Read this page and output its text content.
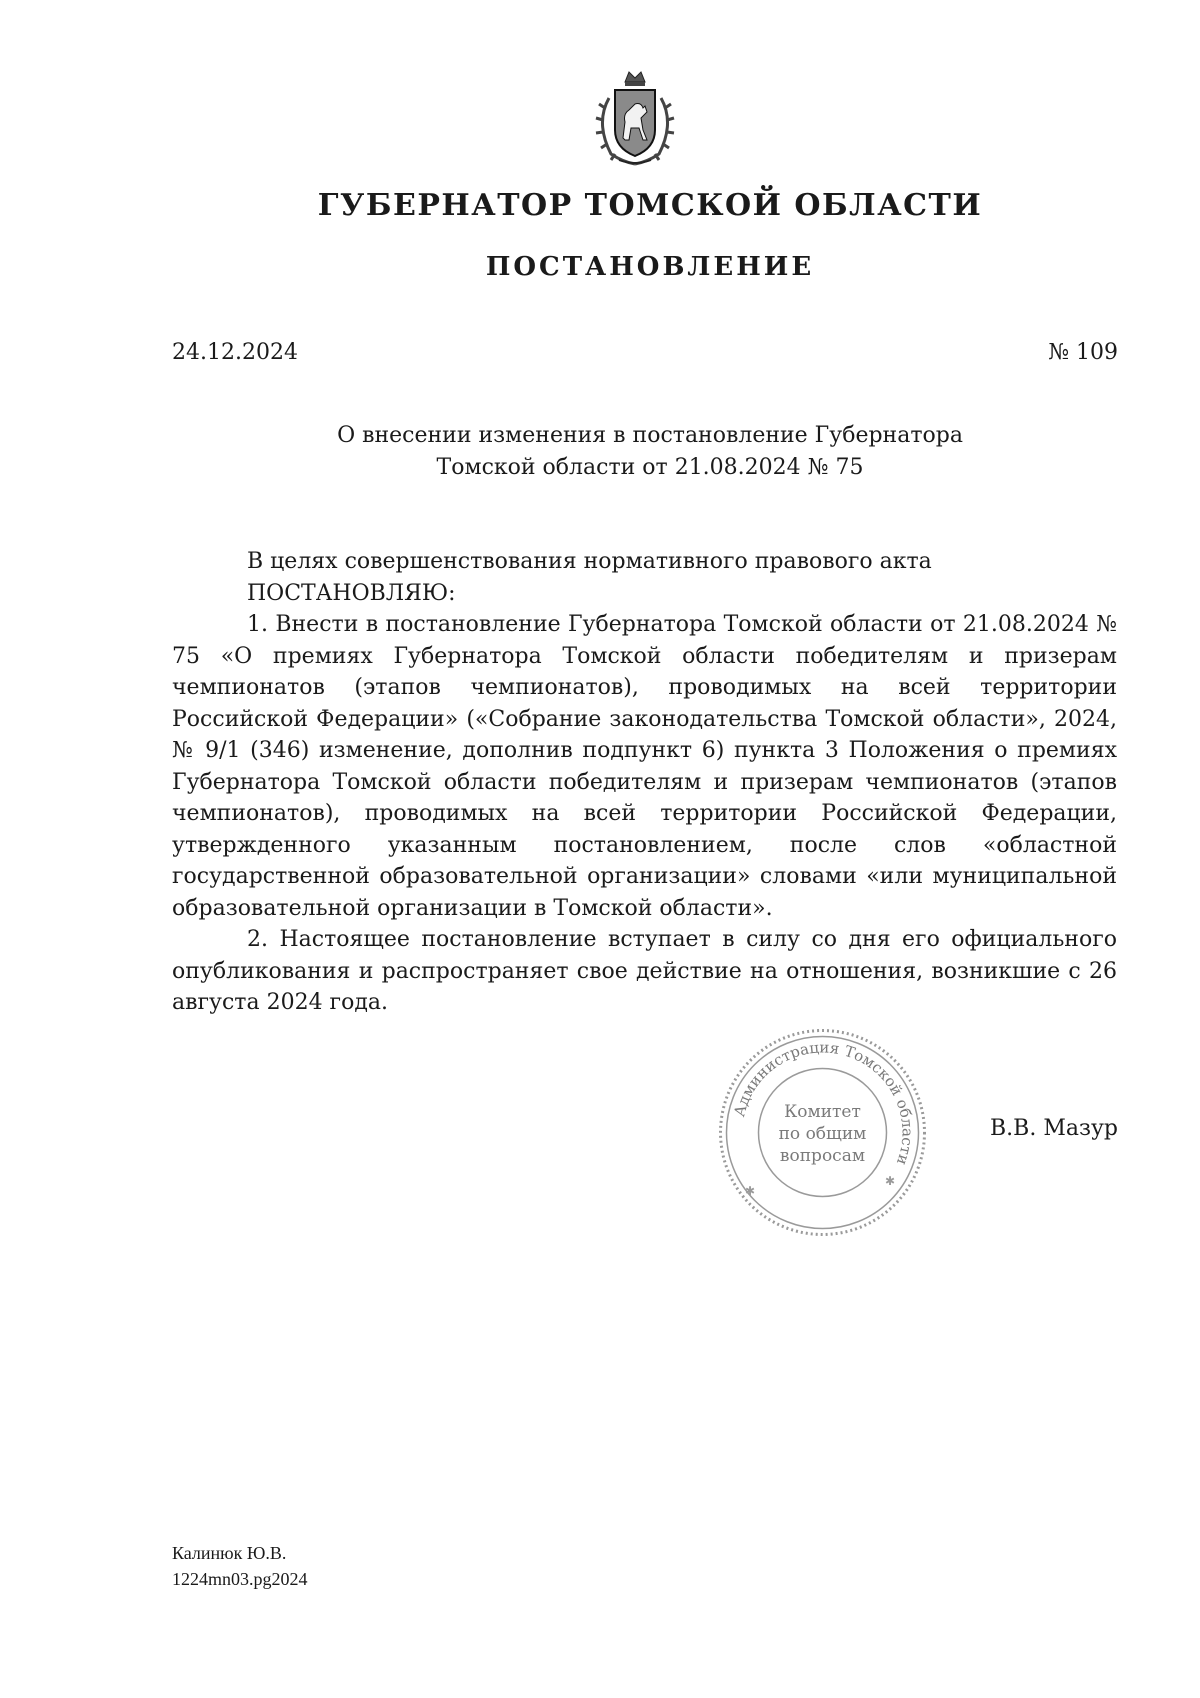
ГУБЕРНАТОР ТОМСКОЙ ОБЛАСТИ
ПОСТАНОВЛЕНИЕ
24.12.2024	№ 109
О внесении изменения в постановление Губернатора
Томской области от 21.08.2024 № 75

В целях совершенствования нормативного правового акта

ПОСТАНОВЛЯЮ:

1. Внести в постановление Губернатора Томской области от 21.08.2024 № 75 «О премиях Губернатора Томской области победителям и призерам чемпионатов (этапов чемпионатов), проводимых на всей территории Российской Федерации» («Собрание законодательства Томской области», 2024, № 9/1 (346) изменение, дополнив подпункт 6) пункта 3 Положения о премиях Губернатора Томской области победителям и призерам чемпионатов (этапов чемпионатов), проводимых на всей территории Российской Федерации, утвержденного указанным постановлением, после слов «областной государственной образовательной организации» словами «или муниципальной образовательной организации в Томской области».

2. Настоящее постановление вступает в силу со дня его официального опубликования и распространяет свое действие на отношения, возникшие с 26 августа 2024 года.

Администрация Томской области
Комитет
по общим
вопросам
✱
✱
В.В. Мазур
Калинюк Ю.В.
1224mn03.pg2024
